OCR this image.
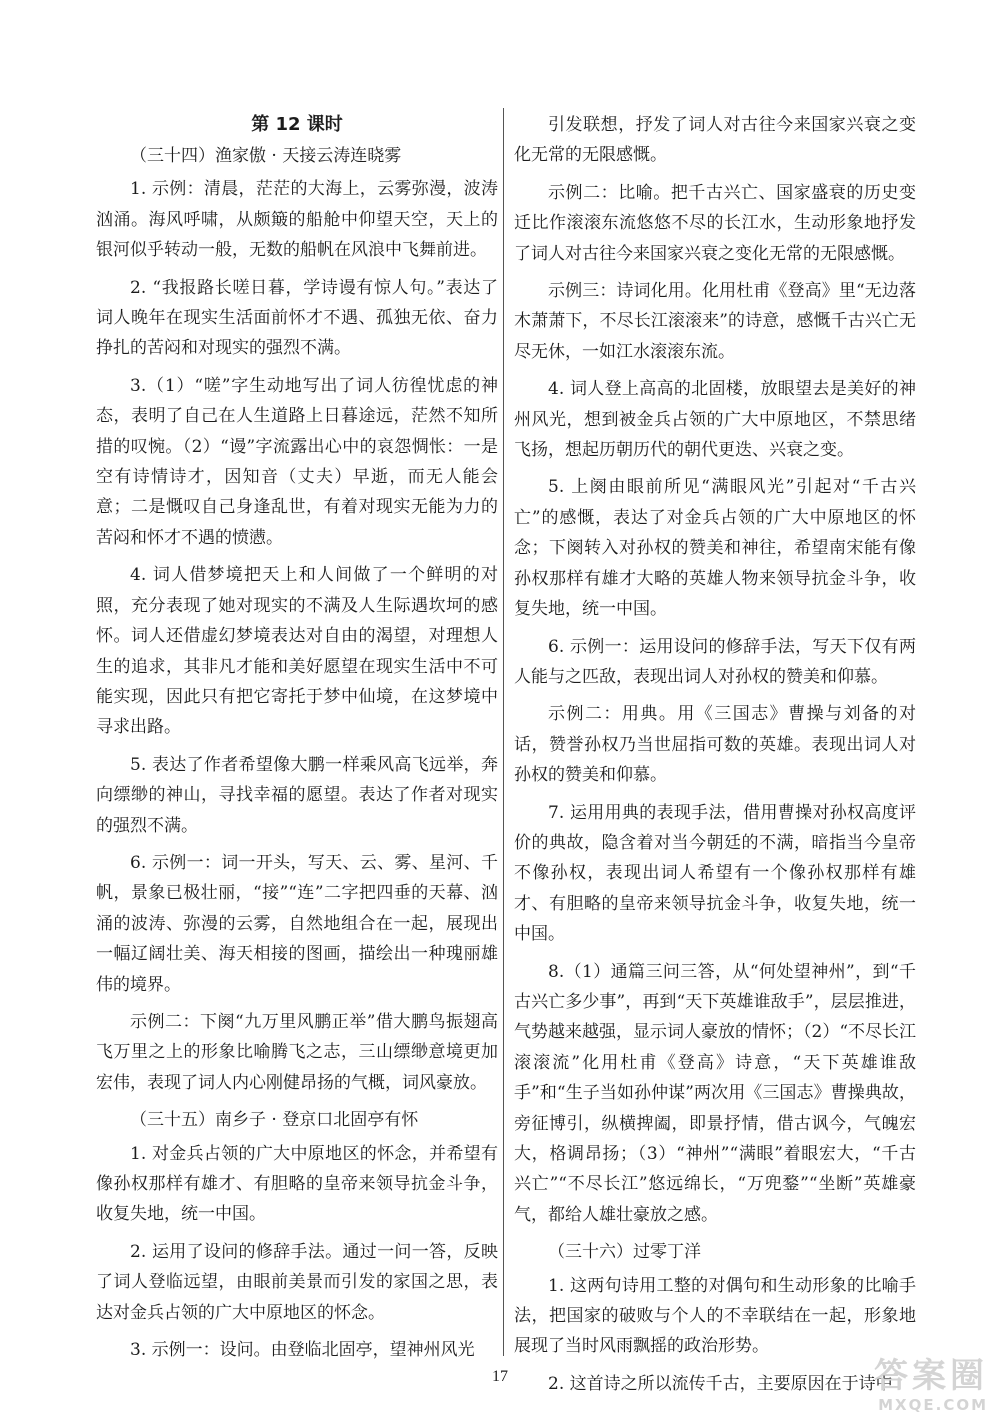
第 12 课时

（三十四）渔家傲 · 天接云涛连晓雾

1. 示例：清晨，茫茫的大海上，云雾弥漫，波涛汹涌。海风呼啸，从颇簸的船舱中仰望天空，天上的银河似乎转动一般，无数的船帆在风浪中飞舞前进。

2. “我报路长嗟日暮，学诗谩有惊人句。”表达了词人晚年在现实生活面前怀才不遇、孤独无依、奋力挣扎的苦闷和对现实的强烈不满。

3.（1）“嗟”字生动地写出了词人彷徨忧虑的神态，表明了自己在人生道路上日暮途远，茫然不知所措的叹惋。（2）“谩”字流露出心中的哀怨惆怅：一是空有诗情诗才，因知音（丈夫）早逝，而无人能会意；二是慨叹自己身逢乱世，有着对现实无能为力的苦闷和怀才不遇的愤懑。

4. 词人借梦境把天上和人间做了一个鲜明的对照，充分表现了她对现实的不满及人生际遇坎坷的感怀。词人还借虚幻梦境表达对自由的渴望，对理想人生的追求，其非凡才能和美好愿望在现实生活中不可能实现，因此只有把它寄托于梦中仙境，在这梦境中寻求出路。

5. 表达了作者希望像大鹏一样乘风高飞远举，奔向缥缈的神山，寻找幸福的愿望。表达了作者对现实的强烈不满。

6. 示例一：词一开头，写天、云、雾、星河、千帆，景象已极壮丽，“接”“连”二字把四垂的天幕、汹涌的波涛、弥漫的云雾，自然地组合在一起，展现出一幅辽阔壮美、海天相接的图画，描绘出一种瑰丽雄伟的境界。

示例二：下阕“九万里风鹏正举”借大鹏鸟振翅高飞万里之上的形象比喻腾飞之志，三山缥缈意境更加宏伟，表现了词人内心刚健昂扬的气概，词风豪放。

（三十五）南乡子 · 登京口北固亭有怀

1. 对金兵占领的广大中原地区的怀念，并希望有像孙权那样有雄才、有胆略的皇帝来领导抗金斗争，收复失地，统一中国。

2. 运用了设问的修辞手法。通过一问一答，反映了词人登临远望，由眼前美景而引发的家国之思，表达对金兵占领的广大中原地区的怀念。

3. 示例一：设问。由登临北固亭，望神州风光

引发联想，抒发了词人对古往今来国家兴衰之变化无常的无限感慨。

示例二：比喻。把千古兴亡、国家盛衰的历史变迁比作滚滚东流悠悠不尽的长江水，生动形象地抒发了词人对古往今来国家兴衰之变化无常的无限感慨。

示例三：诗词化用。化用杜甫《登高》里“无边落木萧萧下，不尽长江滚滚来”的诗意，感慨千古兴亡无尽无休，一如江水滚滚东流。

4. 词人登上高高的北固楼，放眼望去是美好的神州风光，想到被金兵占领的广大中原地区，不禁思绪飞扬，想起历朝历代的朝代更迭、兴衰之变。

5. 上阕由眼前所见“满眼风光”引起对“千古兴亡”的感慨，表达了对金兵占领的广大中原地区的怀念；下阕转入对孙权的赞美和神往，希望南宋能有像孙权那样有雄才大略的英雄人物来领导抗金斗争，收复失地，统一中国。

6. 示例一：运用设问的修辞手法，写天下仅有两人能与之匹敌，表现出词人对孙权的赞美和仰慕。

示例二：用典。用《三国志》曹操与刘备的对话，赞誉孙权乃当世屈指可数的英雄。表现出词人对孙权的赞美和仰慕。

7. 运用用典的表现手法，借用曹操对孙权高度评价的典故，隐含着对当今朝廷的不满，暗指当今皇帝不像孙权，表现出词人希望有一个像孙权那样有雄才、有胆略的皇帝来领导抗金斗争，收复失地，统一中国。

8.（1）通篇三问三答，从“何处望神州”，到“千古兴亡多少事”，再到“天下英雄谁敌手”，层层推进，气势越来越强，显示词人豪放的情怀；（2）“不尽长江滚滚流”化用杜甫《登高》诗意，“天下英雄谁敌手”和“生子当如孙仲谋”两次用《三国志》曹操典故，旁征博引，纵横捭阖，即景抒情，借古讽今，气魄宏大，格调昂扬；（3）“神州”“满眼”着眼宏大，“千古兴亡”“不尽长江”悠远绵长，“万兜鍪”“坐断”英雄豪气，都给人雄壮豪放之感。

（三十六）过零丁洋

1. 这两句诗用工整的对偶句和生动形象的比喻手法，把国家的破败与个人的不幸联结在一起，形象地展现了当时风雨飘摇的政治形势。

2. 这首诗之所以流传千古，主要原因在于诗中

17	答案圈
MXQE.COM
